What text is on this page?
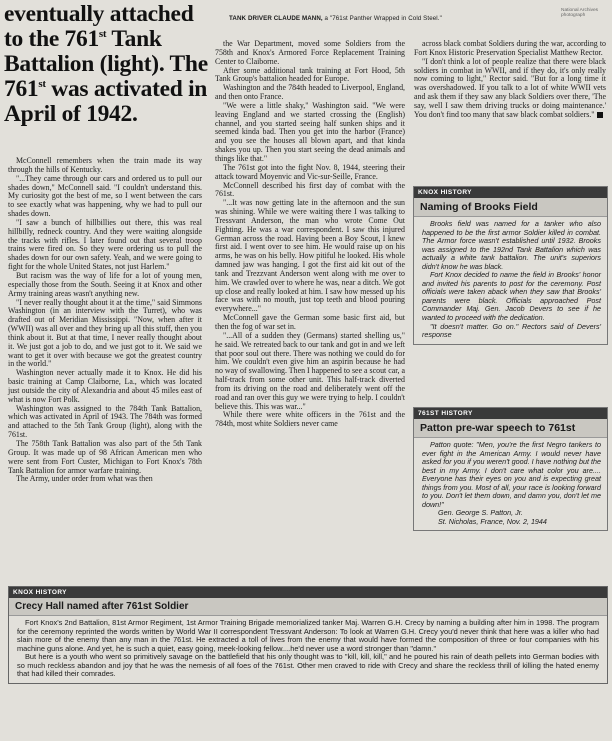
eventually attached
to the 761st Tank
Battalion (light). The
761st was activated in
April of 1942.
TANK DRIVER CLAUDE MANN, a "761st Panther Wrapped in Cold Steel."
National Archives photograph

McConnell remembers when the train made its way through the hills of Kentucky.

"...They came through our cars and ordered us to pull our shades down," McConnell said. "I couldn't understand this. My curiosity got the best of me, so I went between the cars to see exactly what was happening, why we had to pull our shades down.

"I saw a bunch of hillbillies out there, this was real hillbilly, redneck country. And they were waiting alongside the tracks with rifles. I later found out that several troop trains were fired on. So they were ordering us to pull the shades down for our own safety. Yeah, and we were going to fight for the whole United States, not just Harlem."

But racism was the way of life for a lot of young men, especially those from the South. Seeing it at Knox and other Army training areas wasn't anything new.

"I never really thought about it at the time," said Simmons Washington (in an interview with the Turret), who was drafted out of Meridian Mississippi. "Now, when after it (WWII) was all over and they bring up all this stuff, then you think about it. But at that time, I never really thought about it. We just got a job to do, and we just got to it. We said we want to get it over with because we got the greatest country in the world."

Washington never actually made it to Knox. He did his basic training at Camp Claiborne, La., which was located just outside the city of Alexandria and about 45 miles east of what is now Fort Polk.

Washington was assigned to the 784th Tank Battalion, which was activated in April of 1943. The 784th was formed and attached to the 5th Tank Group (light), along with the 761st.

The 758th Tank Battalion was also part of the 5th Tank Group. It was made up of 98 African American men who were sent from Fort Custer, Michigan to Fort Knox's 78th Tank Battalion for armor warfare training.

The Army, under order from what was then

the War Department, moved some Soldiers from the 758th and Knox's Armored Force Replacement Training Center to Claiborne.

After some additional tank training at Fort Hood, 5th Tank Group's battalion headed for Europe.

Washington and the 784th headed to Liverpool, England, and then onto France.

"We were a little shaky," Washington said. "We were leaving England and we started crossing the (English) channel, and you started seeing half sunken ships and it seemed kinda bad. Then you get into the harbor (France) and you see the houses all blown apart, and that kinda shakes you up. Then you start seeing the dead animals and things like that."

The 761st got into the fight Nov. 8, 1944, steering their attack toward Moyenvic and Vic-sur-Seille, France.

McConnell described his first day of combat with the 761st.

"...It was now getting late in the afternoon and the sun was shining. While we were waiting there I was talking to Tressvant Anderson, the man who wrote Come Out Fighting. He was a war correspondent. I saw this injured German across the road. Having been a Boy Scout, I knew first aid. I went over to see him. He would raise up on his arms, he was on his belly. How pitiful he looked. His whole damned jaw was hanging. I got the first aid kit out of the tank and Trezzvant Anderson went along with me over to him. We crawled over to where he was, near a ditch. We got up close and really looked at him. I saw how messed up his face was with no mouth, just top teeth and blood pouring everywhere..."

McConnell gave the German some basic first aid, but then the fog of war set in.

"...All of a sudden they (Germans) started shelling us," he said. We retreated back to our tank and got in and we left that poor soul out there. There was nothing we could do for him. We couldn't even give him an aspirin because he had no way of swallowing. Then I happened to see a scout car, a half-track from some other unit. This half-track diverted from its driving on the road and deliberately went off the road and ran over this guy we were trying to help. I couldn't believe this. This was war..."

While there were white officers in the 761st and the 784th, most white Soldiers never came

across black combat Soldiers during the war, according to Fort Knox Historic Preservation Specialist Matthew Rector.

"I don't think a lot of people realize that there were black soldiers in combat in WWII, and if they do, it's only really now coming to light," Rector said. "But for a long time it was overshadowed. If you talk to a lot of white WWII vets and ask them if they saw any black Soldiers over there, 'The say, well I saw them driving trucks or doing maintenance.' You don't find too many that saw black combat soldiers."

KNOX HISTORY
Naming of Brooks Field

Brooks field was named for a tanker who also happened to be the first armor Soldier killed in combat. The Armor force wasn't established until 1932. Brooks was assigned to the 192nd Tank Battalion which was actually a white tank battalion. The unit's superiors didn't know he was black.

Fort Knox decided to name the field in Brooks' honor and invited his parents to post for the ceremony. Post officials were taken aback when they saw that Brooks' parents were black. Officials approached Post Commander Maj. Gen. Jacob Devers to see if he wanted to proceed with the dedication.

"It doesn't matter. Go on." Rectors said of Devers' response

761ST HISTORY
Patton pre-war speech to 761st

Patton quote: "Men, you're the first Negro tankers to ever fight in the American Army. I would never have asked for you if you weren't good. I have nothing but the best in my Army. I don't care what color you are.... Everyone has their eyes on you and is expecting great things from you. Most of all, your race is looking forward to you. Don't let them down, and damn you, don't let me down!"

Gen. George S. Patton, Jr.

St. Nicholas, France, Nov. 2, 1944

KNOX HISTORY
Crecy Hall named after 761st Soldier

Fort Knox's 2nd Battalion, 81st Armor Regiment, 1st Armor Training Brigade memorialized tanker Maj. Warren G.H. Crecy by naming a building after him in 1998. The program for the ceremony reprinted the words written by World War II correspondent Tressvant Anderson: To look at Warren G.H. Crecy you'd never think that here was a killer who had slain more of the enemy than any man in the 761st. He extracted a toll of lives from the enemy that would have formed the composition of three or four companies with his machine guns alone. And yet, he is such a quiet, easy going, meek-looking fellow....he'd never use a word stronger than "damn."

But here is a youth who went so primitively savage on the battlefield that his only thought was to "kill, kill, kill," and he poured his rain of death pellets into German bodies with so much reckless abandon and joy that he was the nemesis of all foes of the 761st. Other men craved to ride with Crecy and share the reckless thrill of killing the hated enemy that had killed their comrades.
